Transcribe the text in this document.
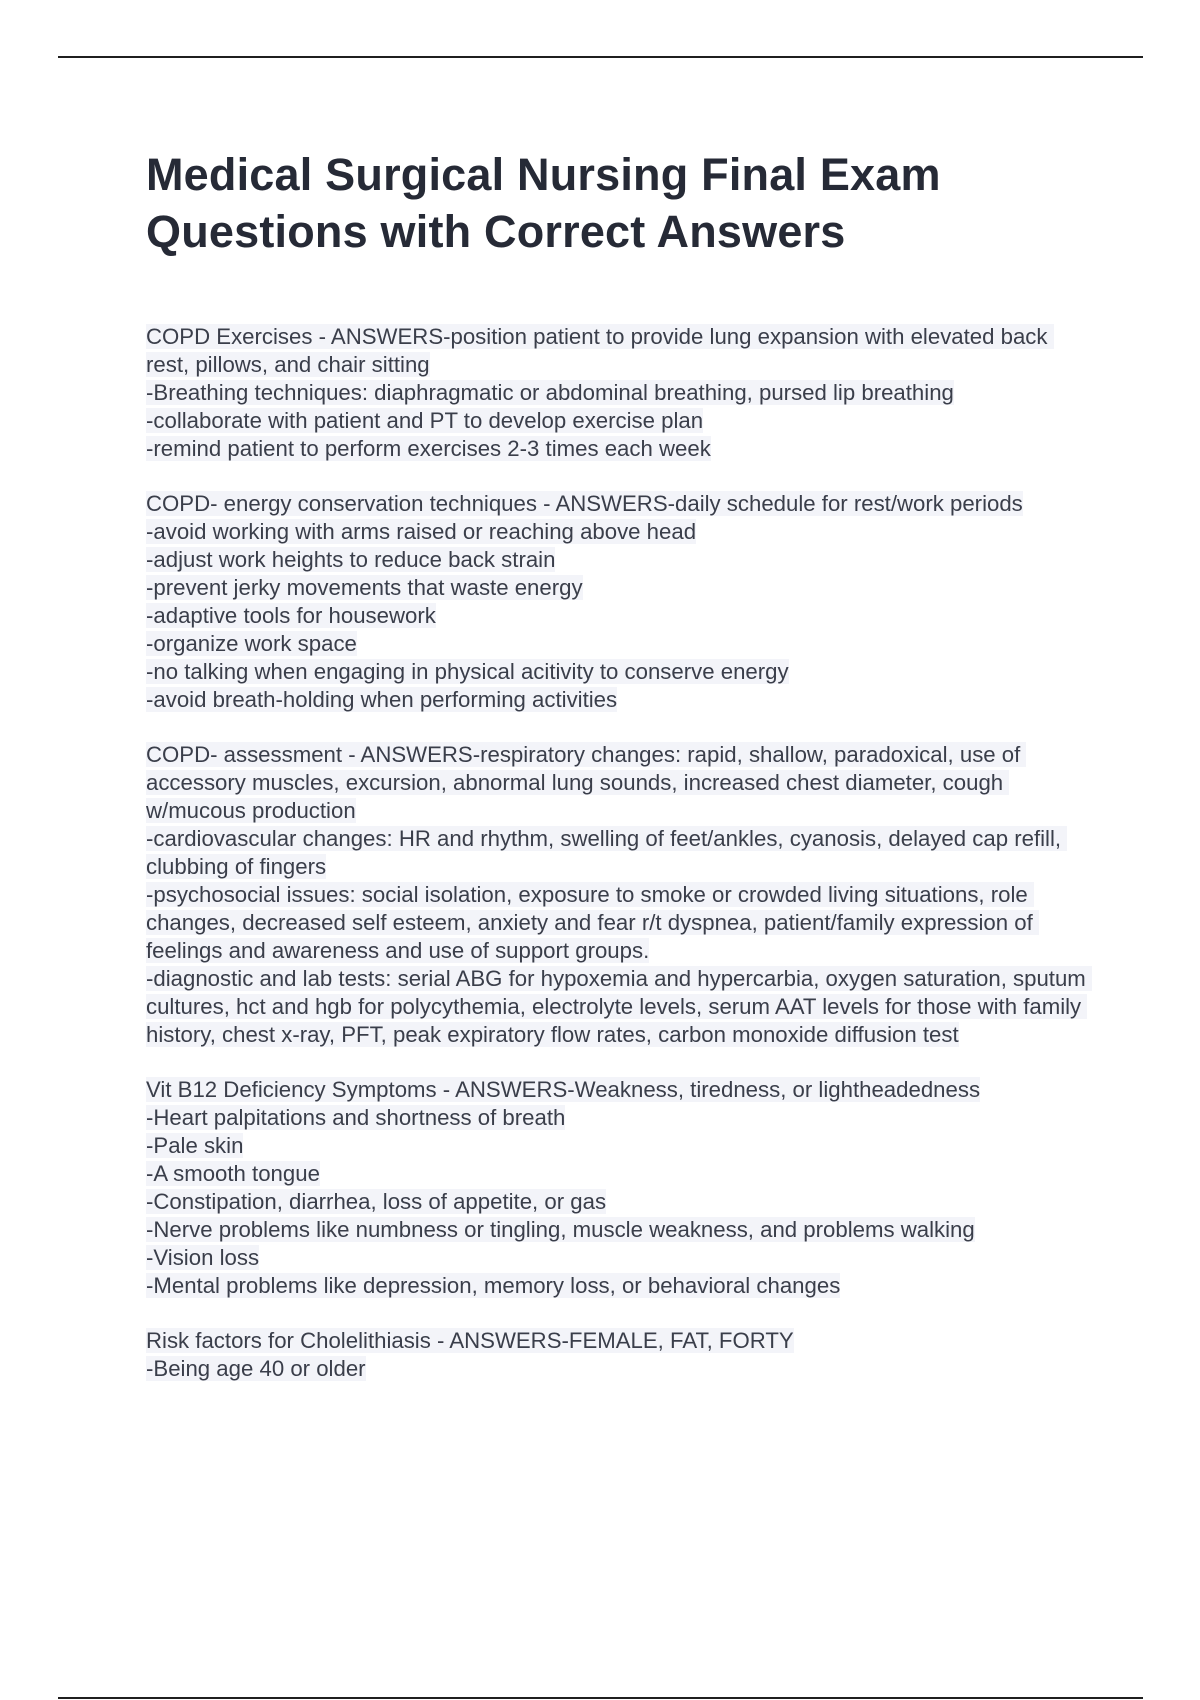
Medical Surgical Nursing Final Exam
Questions with Correct Answers
COPD Exercises - ANSWERS-position patient to provide lung expansion with elevated back rest, pillows, and chair sitting
-Breathing techniques: diaphragmatic or abdominal breathing, pursed lip breathing
-collaborate with patient and PT to develop exercise plan
-remind patient to perform exercises 2-3 times each week
COPD- energy conservation techniques - ANSWERS-daily schedule for rest/work periods
-avoid working with arms raised or reaching above head
-adjust work heights to reduce back strain
-prevent jerky movements that waste energy
-adaptive tools for housework
-organize work space
-no talking when engaging in physical acitivity to conserve energy
-avoid breath-holding when performing activities
COPD- assessment - ANSWERS-respiratory changes: rapid, shallow, paradoxical, use of accessory muscles, excursion, abnormal lung sounds, increased chest diameter, cough w/mucous production
-cardiovascular changes: HR and rhythm, swelling of feet/ankles, cyanosis, delayed cap refill, clubbing of fingers
-psychosocial issues: social isolation, exposure to smoke or crowded living situations, role changes, decreased self esteem, anxiety and fear r/t dyspnea, patient/family expression of feelings and awareness and use of support groups.
-diagnostic and lab tests: serial ABG for hypoxemia and hypercarbia, oxygen saturation, sputum cultures, hct and hgb for polycythemia, electrolyte levels, serum AAT levels for those with family history, chest x-ray, PFT, peak expiratory flow rates, carbon monoxide diffusion test
Vit B12 Deficiency Symptoms - ANSWERS-Weakness, tiredness, or lightheadedness
-Heart palpitations and shortness of breath
-Pale skin
-A smooth tongue
-Constipation, diarrhea, loss of appetite, or gas
-Nerve problems like numbness or tingling, muscle weakness, and problems walking
-Vision loss
-Mental problems like depression, memory loss, or behavioral changes
Risk factors for Cholelithiasis - ANSWERS-FEMALE, FAT, FORTY
-Being age 40 or older
